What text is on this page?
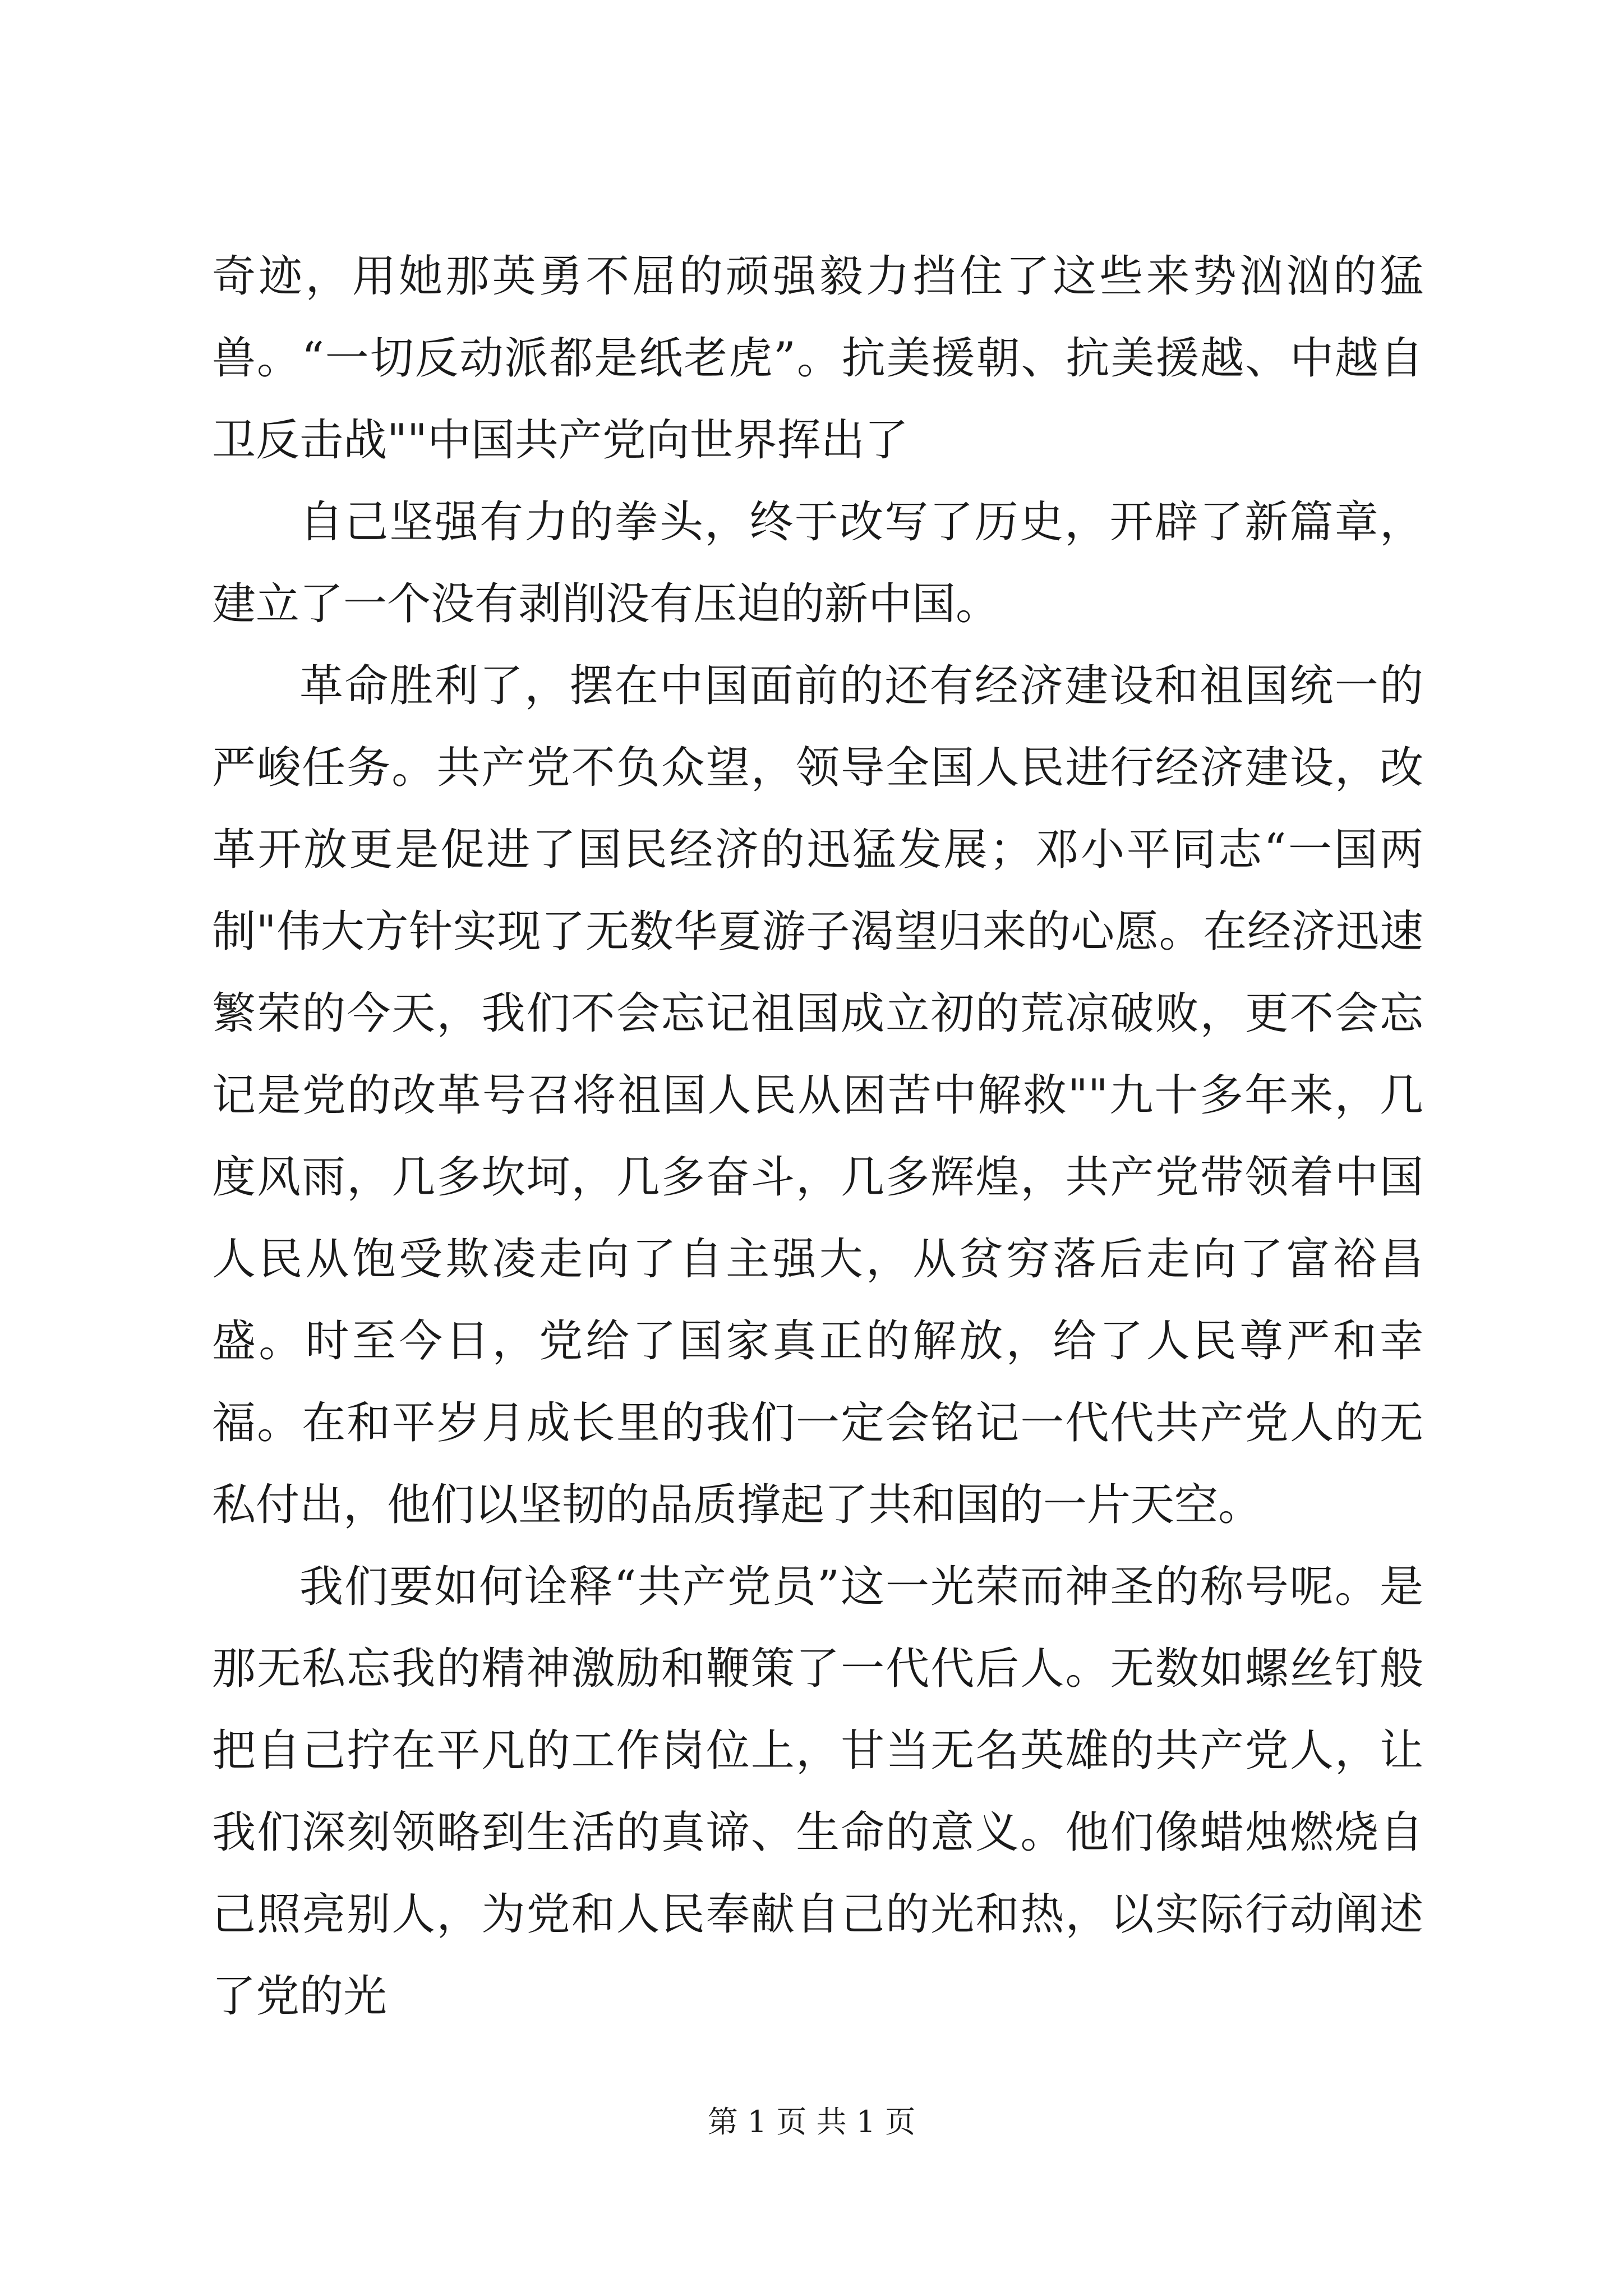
奇迹，用她那英勇不屈的顽强毅力挡住了这些来势汹汹的猛兽。“一切反动派都是纸老虎”。抗美援朝、抗美援越、中越自卫反击战""中国共产党向世界挥出了

自己坚强有力的拳头，终于改写了历史，开辟了新篇章，建立了一个没有剥削没有压迫的新中国。

革命胜利了，摆在中国面前的还有经济建设和祖国统一的严峻任务。共产党不负众望，领导全国人民进行经济建设，改革开放更是促进了国民经济的迅猛发展；邓小平同志“一国两制"伟大方针实现了无数华夏游子渴望归来的心愿。在经济迅速繁荣的今天，我们不会忘记祖国成立初的荒凉破败，更不会忘记是党的改革号召将祖国人民从困苦中解救""九十多年来，几度风雨，几多坎坷，几多奋斗，几多辉煌，共产党带领着中国人民从饱受欺凌走向了自主强大，从贫穷落后走向了富裕昌盛。时至今日，党给了国家真正的解放，给了人民尊严和幸福。在和平岁月成长里的我们一定会铭记一代代共产党人的无私付出，他们以坚韧的品质撑起了共和国的一片天空。

我们要如何诠释“共产党员”这一光荣而神圣的称号呢。是那无私忘我的精神激励和鞭策了一代代后人。无数如螺丝钉般把自己拧在平凡的工作岗位上，甘当无名英雄的共产党人，让我们深刻领略到生活的真谛、生命的意义。他们像蜡烛燃烧自己照亮别人，为党和人民奉献自己的光和热，以实际行动阐述了党的光

第 1 页 共 1 页
